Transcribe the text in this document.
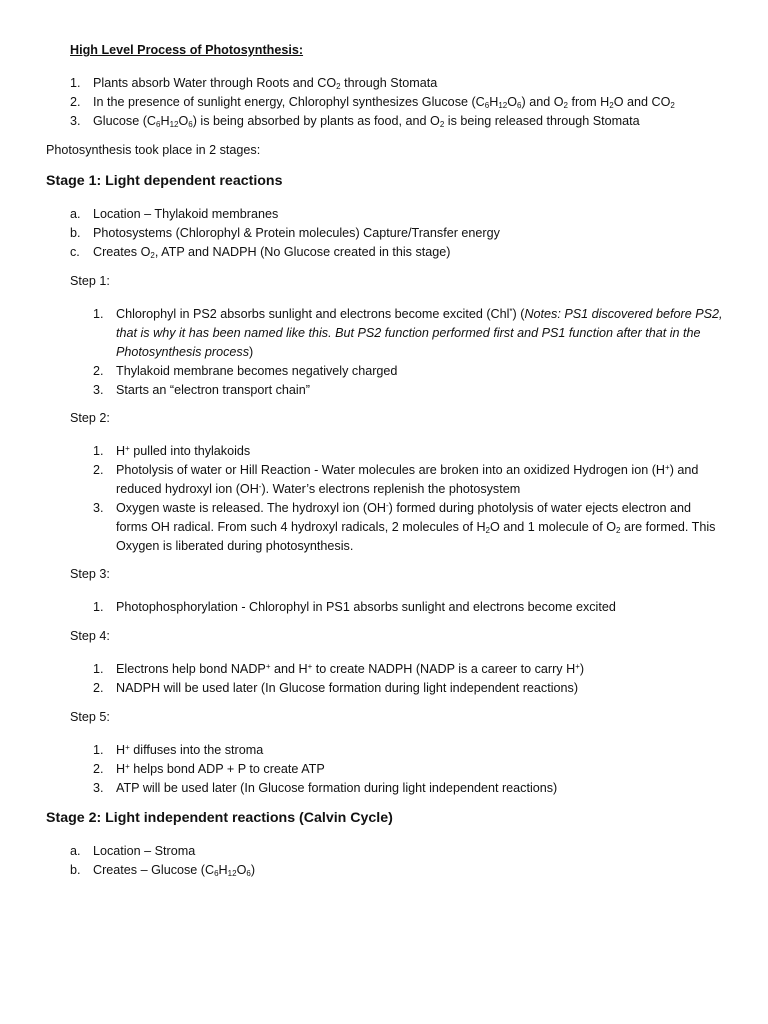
High Level Process of Photosynthesis:
1. Plants absorb Water through Roots and $CO_2$ through Stomata
2. In the presence of sunlight energy, Chlorophyl synthesizes Glucose $(C_6H_{12}O_6)$ and $O_2$ from $H_2O$ and $CO_2$
3. Glucose $(C_6H_{12}O_6)$ is being absorbed by plants as food, and $O_2$ is being released through Stomata
Photosynthesis took place in 2 stages:
Stage 1: Light dependent reactions
a. Location – Thylakoid membranes
b. Photosystems (Chlorophyl & Protein molecules) Capture/Transfer energy
c.	Creates $O_2$, ATP and NADPH (No Glucose created in this stage)
Step 1:
1. Chlorophyl in PS2 absorbs sunlight and electrons become excited (Chl*) (Notes: PS1 discovered before PS2, that is why it has been named like this. But PS2 function performed first and PS1 function after that in the Photosynthesis process)
2. Thylakoid membrane becomes negatively charged
3. Starts an “electron transport chain”
Step 2:
1. H+ pulled into thylakoids
2. Photolysis of water or Hill Reaction - Water molecules are broken into an oxidized Hydrogen ion (H+) and reduced hydroxyl ion (OH-). Water’s electrons replenish the photosystem
3. Oxygen waste is released. The hydroxyl ion (OH-) formed during photolysis of water ejects electron and forms OH radical. From such 4 hydroxyl radicals, 2 molecules of $H_2O$ and 1 molecule of $O_2$ are formed. This Oxygen is liberated during photosynthesis.
Step 3:
1. Photophosphorylation - Chlorophyl in PS1 absorbs sunlight and electrons become excited
Step 4:
1. Electrons help bond NADP+ and H+ to create NADPH (NADP is a career to carry H+)
2. NADPH will be used later (In Glucose formation during light independent reactions)
Step 5:
1. H+ diffuses into the stroma
2. H+ helps bond ADP + P to create ATP
3. ATP will be used later (In Glucose formation during light independent reactions)
Stage 2: Light independent reactions (Calvin Cycle)
a. Location – Stroma
b. Creates – Glucose $(C_6H_{12}O_6)$
